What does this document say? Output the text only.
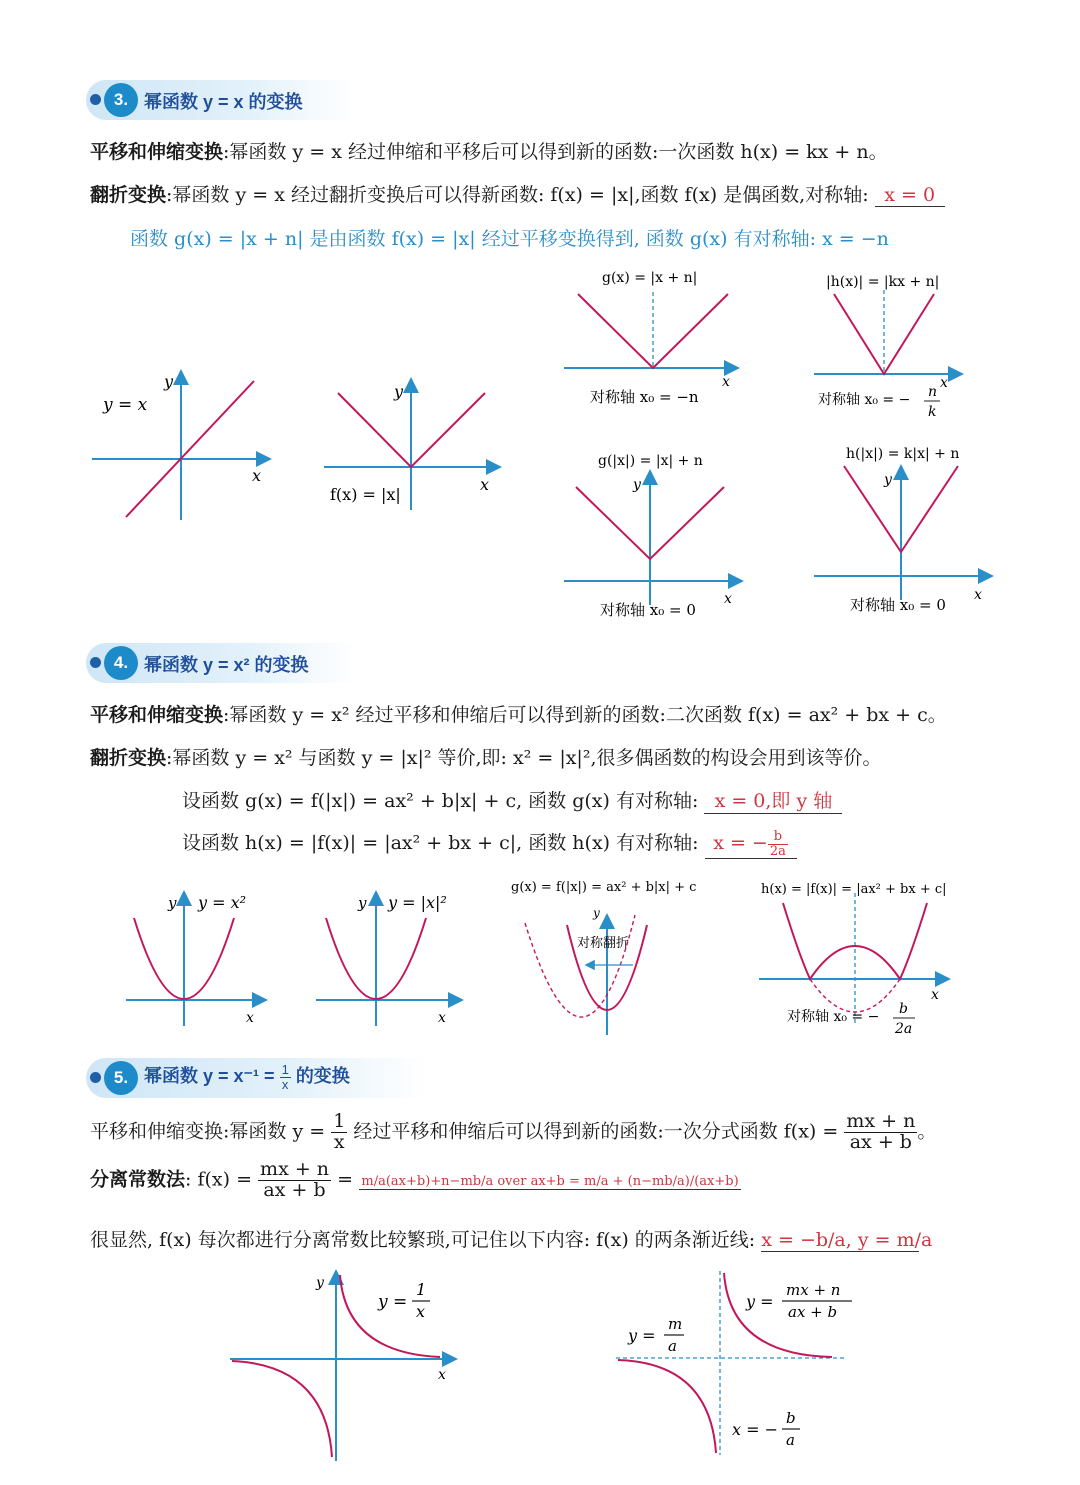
3. 幂函数 y = x 的变换
平移和伸缩变换:幂函数 y = x 经过伸缩和平移后可以得到新的函数:一次函数 h(x) = kx + n。
翻折变换:幂函数 y = x 经过翻折变换后可以得新函数: f(x) = |x|,函数 f(x) 是偶函数,对称轴: x = 0
函数 g(x) = |x + n| 是由函数 f(x) = |x| 经过平移变换得到, 函数 g(x) 有对称轴: x = −n
y = x
y
x
y
x
f(x) = |x|
g(x) = |x + n|
x
对称轴 x₀ = −n
|h(x)| = |kx + n|
x
对称轴 x₀ = − n
k
g(|x|) = |x| + n
y
x
对称轴 x₀ = 0
h(|x|) = k|x| + n
y
x
对称轴 x₀ = 0
4. 幂函数 y = x² 的变换
平移和伸缩变换:幂函数 y = x² 经过平移和伸缩后可以得到新的函数:二次函数 f(x) = ax² + bx + c。
翻折变换:幂函数 y = x² 与函数 y = |x|² 等价,即: x² = |x|²,很多偶函数的构设会用到该等价。
设函数 g(x) = f(|x|) = ax² + b|x| + c, 函数 g(x) 有对称轴: x = 0,即 y 轴
设函数 h(x) = |f(x)| = |ax² + bx + c|, 函数 h(x) 有对称轴: x = − $\frac{b}{2a}$
y y = x²
x
y y = |x|²
x
g(x) = f(|x|) = ax² + b|x| + c
y
对称翻折
h(x) = |f(x)| = |ax² + bx + c|
x
对称轴 x₀ = − b
2a
5. 幂函数 $y = x^{-1} = \frac{1}{x}$ 的变换
平移和伸缩变换:幂函数 $y = \frac{1}{x}$ 经过平移和伸缩后可以得到新的函数:一次分式函数 $f(x) = \frac{mx + n}{ax + b}$ 。
分离常数法: $f(x) = \frac{mx + n}{ax + b} = m/a(ax+b)+n-mb/a$ over ax+b = m/a + (n−mb/a)/(ax+b)
很显然, f(x) 每次都进行分离常数比较繁琐,可记住以下内容: f(x) 的两条渐近线: x = −b/a, y = m/a
y
x
y =
1
x
y =
mx + n
ax + b
y =
m
a
x = −
b
a
